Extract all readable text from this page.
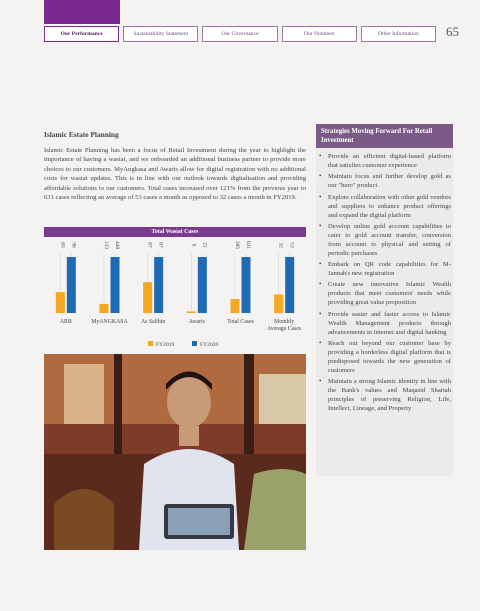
Our Performance	Sustainability Statement	Our Governance	Our Numbers	Other Information	65
Islamic Estate Planning
Islamic Estate Planning has been a focus of Retail Investment during the year to highlight the importance of having a wasiat, and we onboarded an additional business partner to provide more choices to our customers. MyAngkasa and Awaris allow for digital registration with no additional costs for wasiat updates. This is in line with our outlook towards digitalisation and providing affordable solutions to our customers. Total cases increased over 121% from the previous year to 631 cases reflecting an average of 53 cases a month as opposed to 32 cases a month in FY2019.
Total Wasiat Cases
65 96
ARB
133 448
MyANGKASA
67 67
As Salihin
0 21
Awaris
285 631
Total Cases
32 53
Monthly
Average Cases
FY2019	FY2020
Strategies Moving Forward For Retail Investment
• Provide an efficient digital-based platform that satisfies customer experience
• Maintain focus and further develop gold as our "hero" product
• Explore collaboration with other gold vendors and suppliers to enhance product offerings and expand the digital platform
• Develop online gold account capabilities to cater to gold account transfer, conversion from account to physical and setting of periodic purchases
• Embark on QR code capabilities for M-Jannah's new registration
• Create new innovative Islamic Wealth products that meet customers' needs while providing great value proposition
• Provide easier and faster access to Islamic Wealth Management products through advancements in internet and digital banking
• Reach out beyond our customer base by providing a borderless digital platform that is predisposed towards the new generation of customers
• Maintain a strong Islamic identity in line with the Bank's values and Maqasid Shariah principles of preserving Religion, Life, Intellect, Lineage, and Property
